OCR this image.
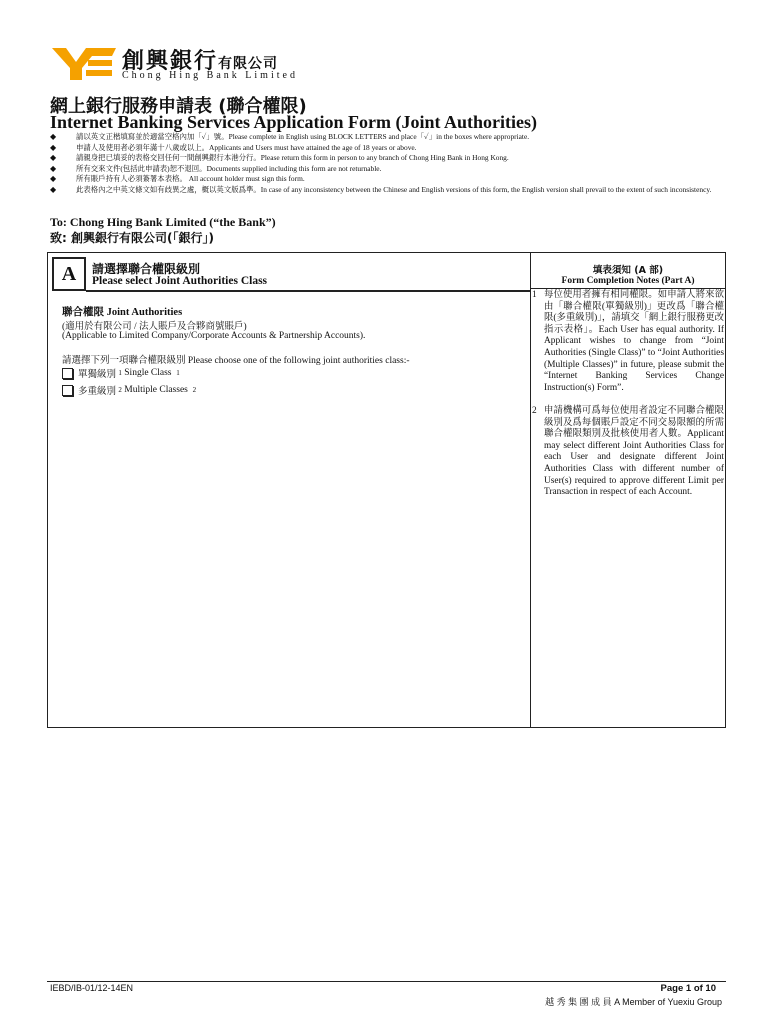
創興銀行有限公司
Chong Hing Bank Limited
網上銀行服務申請表 (聯合權限)
Internet Banking Services Application Form (Joint Authorities)
◆	請以英文正楷填寫並於適當空格內加「✓」號。Please complete in English using BLOCK LETTERS and place「✓」in the boxes where appropriate.
◆	申請人及使用者必須年滿十八歲或以上。Applicants and Users must have attained the age of 18 years or above.
◆	請親身把已填妥的表格交回任何一間創興銀行本港分行。Please return this form in person to any branch of Chong Hing Bank in Hong Kong.
◆	所有交來文件(包括此申請表)恕不退回。Documents supplied including this form are not returnable.
◆	所有賬戶持有人必須簽署本表格。 All account holder must sign this form.
◆	此表格內之中英文條文如有歧異之處，概以英文版爲準。In case of any inconsistency between the Chinese and English versions of this form, the English version shall prevail to the extent of such inconsistency.
To: Chong Hing Bank Limited (“the Bank”)
致: 創興銀行有限公司(「銀行」)
A	請選擇聯合權限級別
Please select Joint Authorities Class
聯合權限 Joint Authorities
(適用於有限公司 / 法人賬戶及合夥商號賬戶)
(Applicable to Limited Company/Corporate Accounts & Partnership Accounts).
請選擇下列一項聯合權限級別 Please choose one of the following joint authorities class:-
單獨級別
1
Single Class
1
多重級別
2
Multiple Classes
2
填表須知 (A 部)
Form Completion Notes (Part A)
1 每位使用者擁有相同權限。如申請人將來欲由「聯合權限(單獨級別)」更改爲「聯合權限(多重級別)」，請填交「網上銀行服務更改指示表格」。Each User has equal authority. If Applicant wishes to change from “Joint Authorities (Single Class)” to “Joint Authorities (Multiple Classes)” in future, please submit the “Internet Banking Services Change Instruction(s) Form”.
2 申請機構可爲每位使用者設定不同聯合權限級別及爲每個賬戶設定不同交易限額的所需聯合權限類別及批核使用者人數。Applicant may select different Joint Authorities Class for each User and designate different Joint Authorities Class with different number of User(s) required to approve different Limit per Transaction in respect of each Account.
IEBD/IB-01/12-14EN	Page 1 of 10
越 秀 集 團 成 員 A Member of Yuexiu Group
